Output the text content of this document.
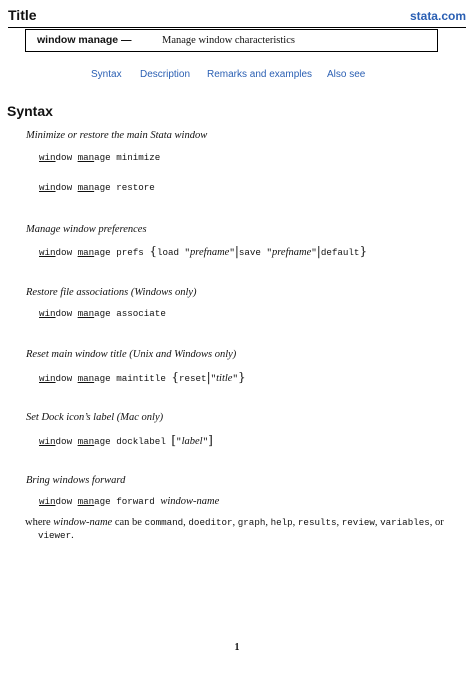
Title	stata.com
window manage —	Manage window characteristics
Syntax Description Remarks and examples Also see
Syntax
Minimize or restore the main Stata window
window manage minimize
window manage restore
Manage window preferences
window manage prefs {load "prefname"|save "prefname"|default}
Restore file associations (Windows only)
window manage associate
Reset main window title (Unix and Windows only)
window manage maintitle {reset|"title"}
Set Dock icon’s label (Mac only)
window manage docklabel ["label"]
Bring windows forward
window manage forward window-name
where window-name can be command, doeditor, graph, help, results, review, variables, or
viewer.
1
